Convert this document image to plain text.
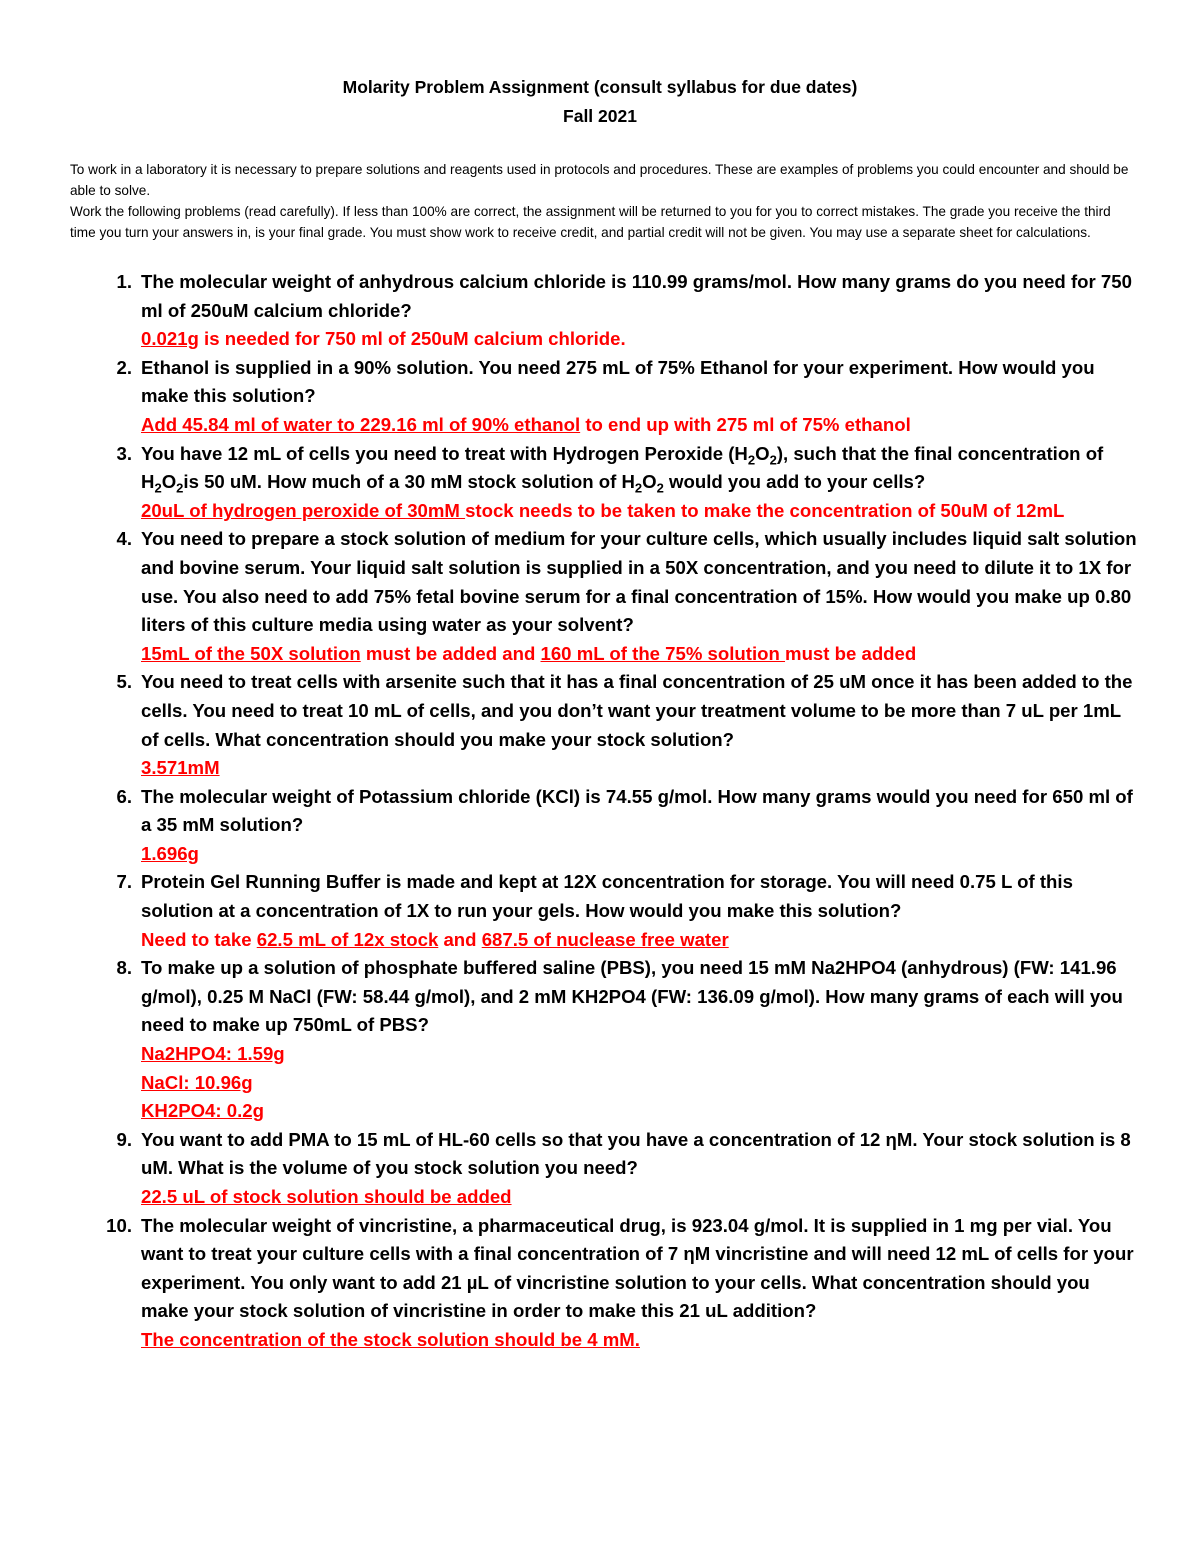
Molarity Problem Assignment (consult syllabus for due dates)
Fall 2021
To work in a laboratory it is necessary to prepare solutions and reagents used in protocols and procedures. These are examples of problems you could encounter and should be able to solve.
Work the following problems (read carefully). If less than 100% are correct, the assignment will be returned to you for you to correct mistakes. The grade you receive the third time you turn your answers in, is your final grade. You must show work to receive credit, and partial credit will not be given. You may use a separate sheet for calculations.
1. The molecular weight of anhydrous calcium chloride is 110.99 grams/mol. How many grams do you need for 750 ml of 250uM calcium chloride?
0.021g is needed for 750 ml of 250uM calcium chloride.
2. Ethanol is supplied in a 90% solution. You need 275 mL of 75% Ethanol for your experiment. How would you make this solution?
Add 45.84 ml of water to 229.16 ml of 90% ethanol to end up with 275 ml of 75% ethanol
3. You have 12 mL of cells you need to treat with Hydrogen Peroxide $(H_2O_2)$, such that the final concentration of $H_2O_2is$ 50 uM. How much of a 30 mM stock solution of $H_2O_2$ would you add to your cells?
20uL of hydrogen peroxide of 30mM stock needs to be taken to make the concentration of 50uM of 12mL
4. You need to prepare a stock solution of medium for your culture cells, which usually includes liquid salt solution and bovine serum. Your liquid salt solution is supplied in a 50X concentration, and you need to dilute it to 1X for use. You also need to add 75% fetal bovine serum for a final concentration of 15%. How would you make up 0.80 liters of this culture media using water as your solvent?
15mL of the 50X solution must be added and 160 mL of the 75% solution must be added
5. You need to treat cells with arsenite such that it has a final concentration of 25 uM once it has been added to the cells. You need to treat 10 mL of cells, and you don’t want your treatment volume to be more than 7 uL per 1mL of cells. What concentration should you make your stock solution?
3.571mM
6. The molecular weight of Potassium chloride (KCl) is 74.55 g/mol. How many grams would you need for 650 ml of a 35 mM solution?
1.696g
7. Protein Gel Running Buffer is made and kept at 12X concentration for storage. You will need 0.75 L of this solution at a concentration of 1X to run your gels. How would you make this solution?
Need to take 62.5 mL of 12x stock and 687.5 of nuclease free water
8. To make up a solution of phosphate buffered saline (PBS), you need 15 mM Na2HPO4 (anhydrous) (FW: 141.96 g/mol), 0.25 M NaCl (FW: 58.44 g/mol), and 2 mM KH2PO4 (FW: 136.09 g/mol). How many grams of each will you need to make up 750mL of PBS?
Na2HPO4: 1.59g
NaCl: 10.96g
KH2PO4: 0.2g
9. You want to add PMA to 15 mL of HL-60 cells so that you have a concentration of 12 ηM. Your stock solution is 8 uM. What is the volume of you stock solution you need?
22.5 uL of stock solution should be added
10. The molecular weight of vincristine, a pharmaceutical drug, is 923.04 g/mol. It is supplied in 1 mg per vial. You want to treat your culture cells with a final concentration of 7 ηM vincristine and will need 12 mL of cells for your experiment. You only want to add 21 µL of vincristine solution to your cells. What concentration should you make your stock solution of vincristine in order to make this 21 uL addition?
The concentration of the stock solution should be 4 mM.
